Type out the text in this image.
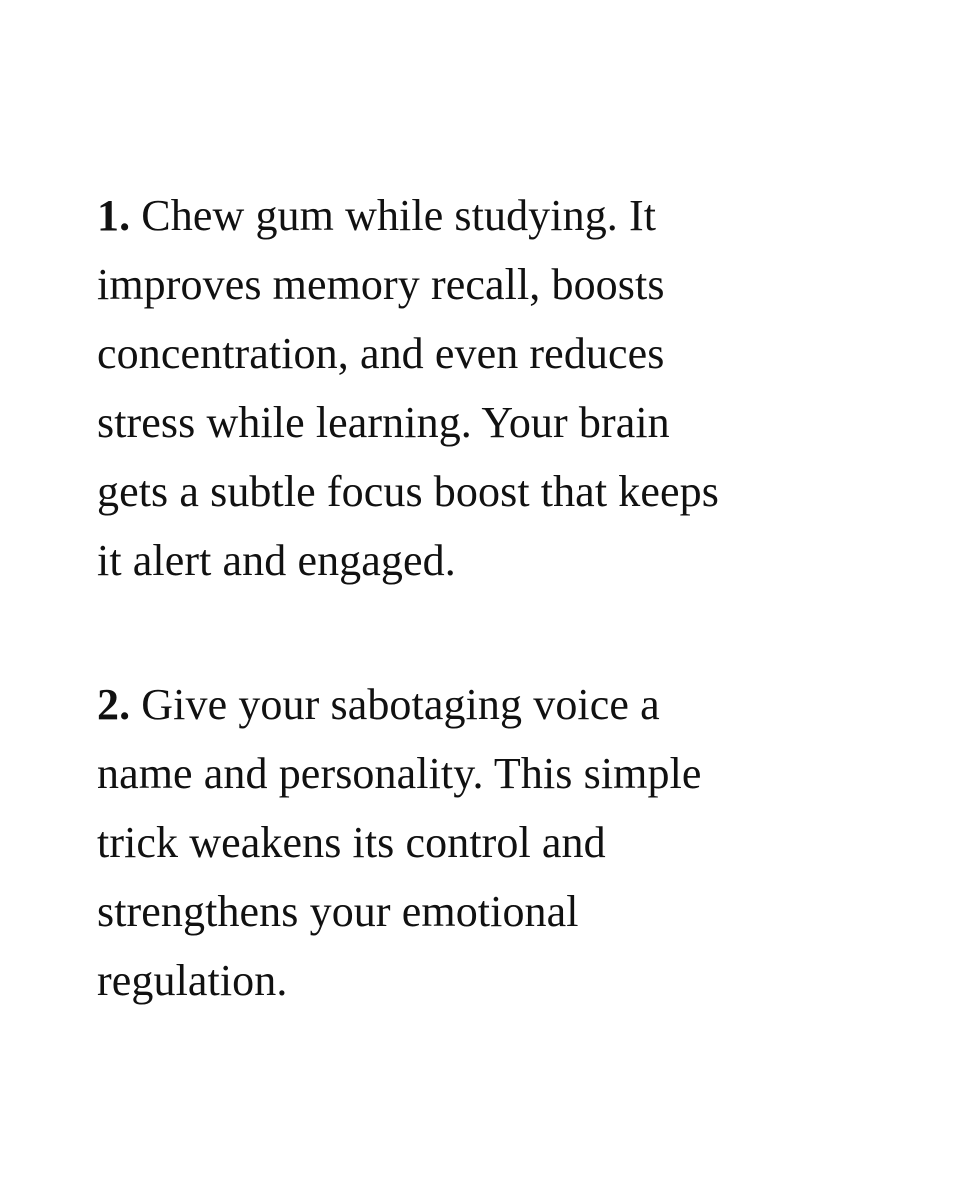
1. Chew gum while studying. It
improves memory recall, boosts
concentration, and even reduces
stress while learning. Your brain
gets a subtle focus boost that keeps
it alert and engaged.

2. Give your sabotaging voice a
name and personality. This simple
trick weakens its control and
strengthens your emotional
regulation.
